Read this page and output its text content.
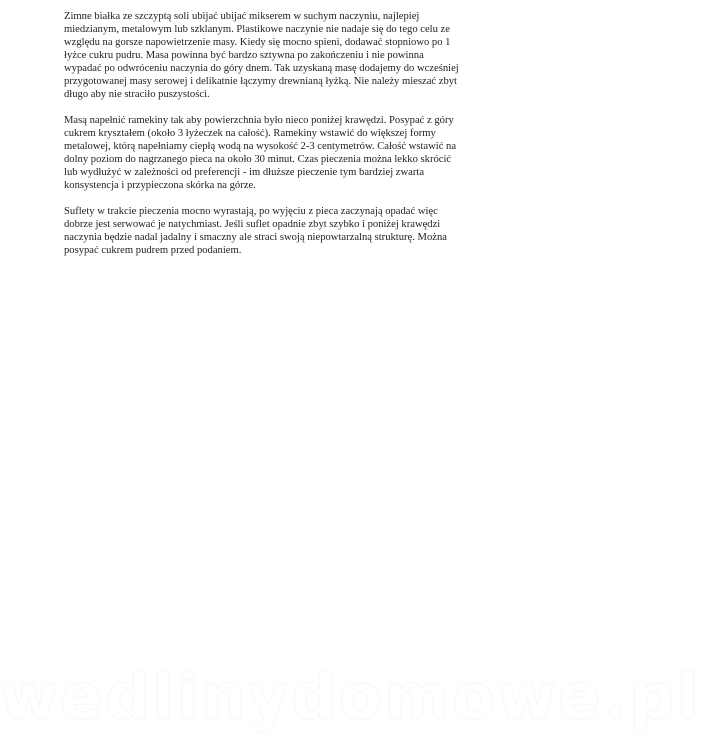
Zimne białka ze szczyptą soli ubijać ubijać mikserem w suchym naczyniu, najlepiej miedzianym, metalowym lub szklanym. Plastikowe naczynie nie nadaje się do tego celu ze względu na gorsze napowietrzenie masy. Kiedy się mocno spieni, dodawać stopniowo po 1 łyżce cukru pudru. Masa powinna być bardzo sztywna po zakończeniu i nie powinna wypadać po odwróceniu naczynia do góry dnem. Tak uzyskaną masę dodajemy do wcześniej przygotowanej masy serowej i delikatnie łączymy drewnianą łyżką. Nie należy mieszać zbyt długo aby nie straciło puszystości.

Masą napełnić ramekiny tak aby powierzchnia było nieco poniżej krawędzi. Posypać z góry cukrem kryształem (około 3 łyżeczek na całość). Ramekiny wstawić do większej formy metalowej, którą napełniamy ciepłą wodą na wysokość 2-3 centymetrów. Całość wstawić na dolny poziom do nagrzanego pieca na około 30 minut. Czas pieczenia można lekko skrócić lub wydłużyć w zależności od preferencji - im dłuższe pieczenie tym bardziej zwarta konsystencja i przypieczona skórka na górze.

Suflety w trakcie pieczenia mocno wyrastają, po wyjęciu z pieca zaczynają opadać więc dobrze jest serwować je natychmiast. Jeśli suflet opadnie zbyt szybko i poniżej krawędzi naczynia będzie nadal jadalny i smaczny ale straci swoją niepowtarzalną strukturę. Można posypać cukrem pudrem przed podaniem.

wedlinydomowe.pl
